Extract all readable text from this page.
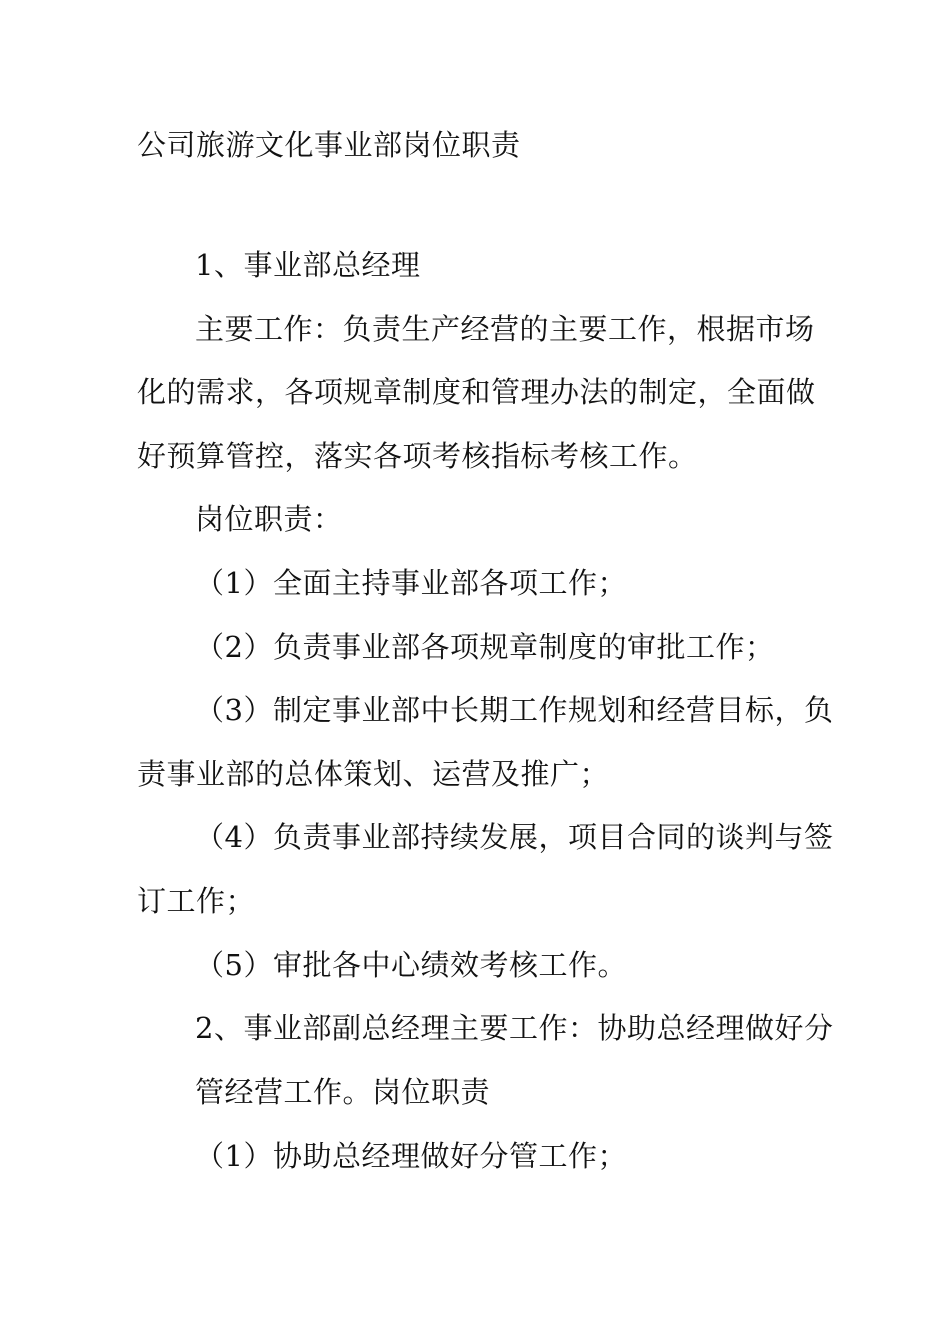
公司旅游文化事业部岗位职责
1、事业部总经理
主要工作：负责生产经营的主要工作，根据市场
化的需求，各项规章制度和管理办法的制定，全面做
好预算管控，落实各项考核指标考核工作。
岗位职责：
（1）全面主持事业部各项工作；
（2）负责事业部各项规章制度的审批工作；
（3）制定事业部中长期工作规划和经营目标，负
责事业部的总体策划、运营及推广；
（4）负责事业部持续发展，项目合同的谈判与签
订工作；
（5）审批各中心绩效考核工作。
2、事业部副总经理主要工作：协助总经理做好分
管经营工作。岗位职责
（1）协助总经理做好分管工作；
